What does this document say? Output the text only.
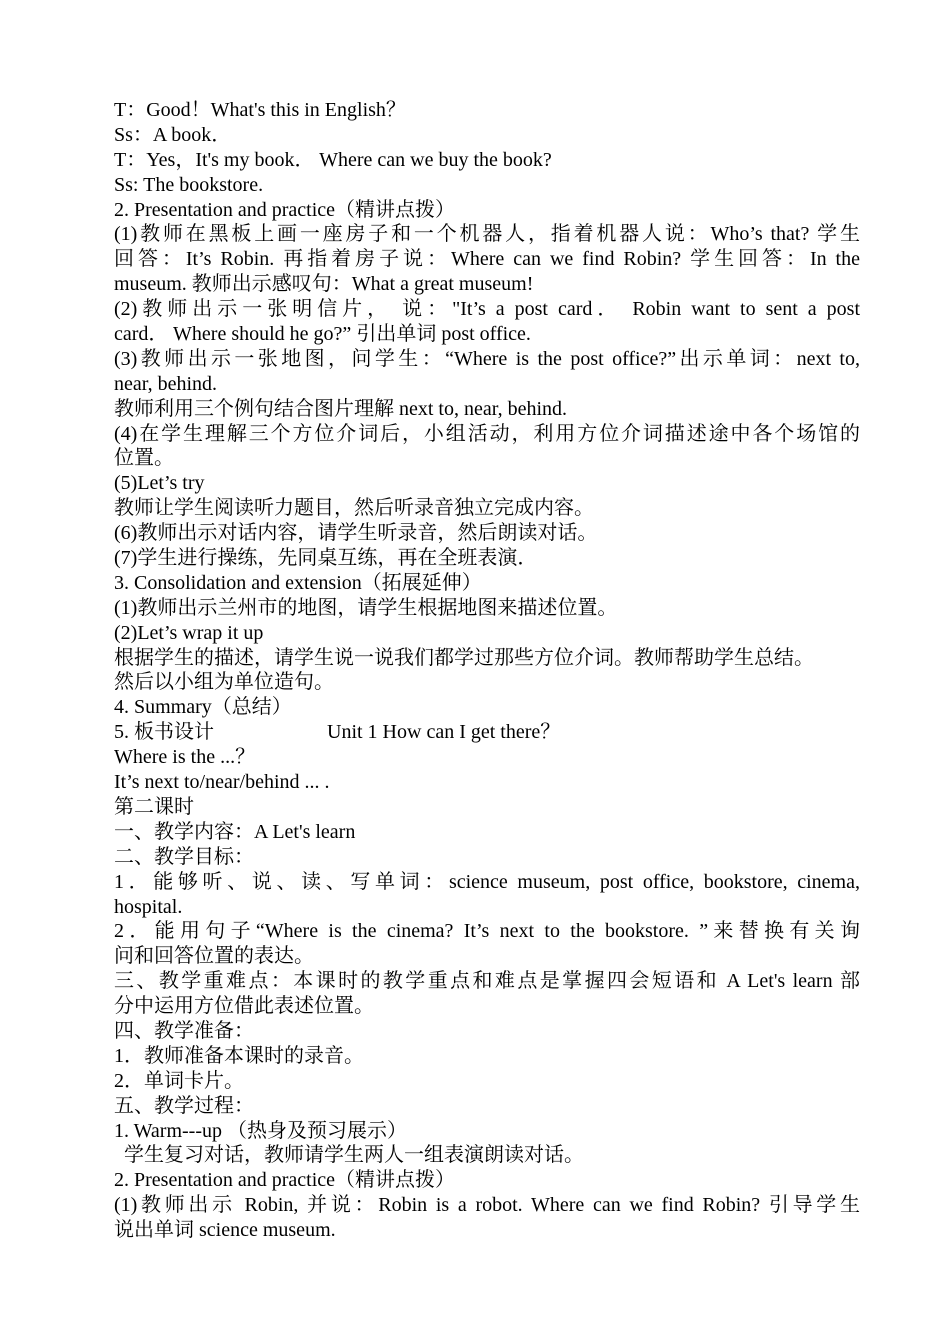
T：Good！What's this in English？
Ss：A book．
T：Yes，It's my book． Where can we buy the book?
Ss: The bookstore.
2. Presentation and practice（精讲点拨）
(1)教师在黑板上画一座房子和一个机器人，指着机器人说：Who’s that? 学生
回答：It’s Robin. 再指着房子说：Where can we find Robin? 学生回答：In the
museum. 教师出示感叹句：What a great museum!
(2)教师出示一张明信片， 说："It’s a post card． Robin want to sent a post
card． Where should he go?” 引出单词 post office.
(3)教师出示一张地图，问学生：“Where is the post office?”出示单词：next to,
near, behind.
教师利用三个例句结合图片理解 next to, near, behind.
(4)在学生理解三个方位介词后，小组活动，利用方位介词描述途中各个场馆的
位置。
(5)Let’s try
教师让学生阅读听力题目，然后听录音独立完成内容。
(6)教师出示对话内容，请学生听录音，然后朗读对话。
(7)学生进行操练，先同桌互练，再在全班表演．
3. Consolidation and extension（拓展延伸）
(1)教师出示兰州市的地图，请学生根据地图来描述位置。
(2)Let’s wrap it up
根据学生的描述，请学生说一说我们都学过那些方位介词。教师帮助学生总结。
然后以小组为单位造句。
4. Summary（总结）
5. 板书设计	Unit 1 How can I get there？
Where is the ...？
It’s next to/near/behind ... .
第二课时
一、教学内容：A Let's learn
二、教学目标：
1．能够听、说、读、写单词：science museum, post office, bookstore, cinema,
hospital.
2．能用句子“Where is the cinema? It’s next to the bookstore. ”来替换有关询
问和回答位置的表达。
三、教学重难点：本课时的教学重点和难点是掌握四会短语和 A Let's learn 部
分中运用方位借此表述位置。
四、教学准备：
1．教师准备本课时的录音。
2．单词卡片。
五、教学过程：
1. Warm---up （热身及预习展示）
学生复习对话，教师请学生两人一组表演朗读对话。
2. Presentation and practice（精讲点拨）
(1)教师出示 Robin, 并说：Robin is a robot. Where can we find Robin? 引导学生
说出单词 science museum.
